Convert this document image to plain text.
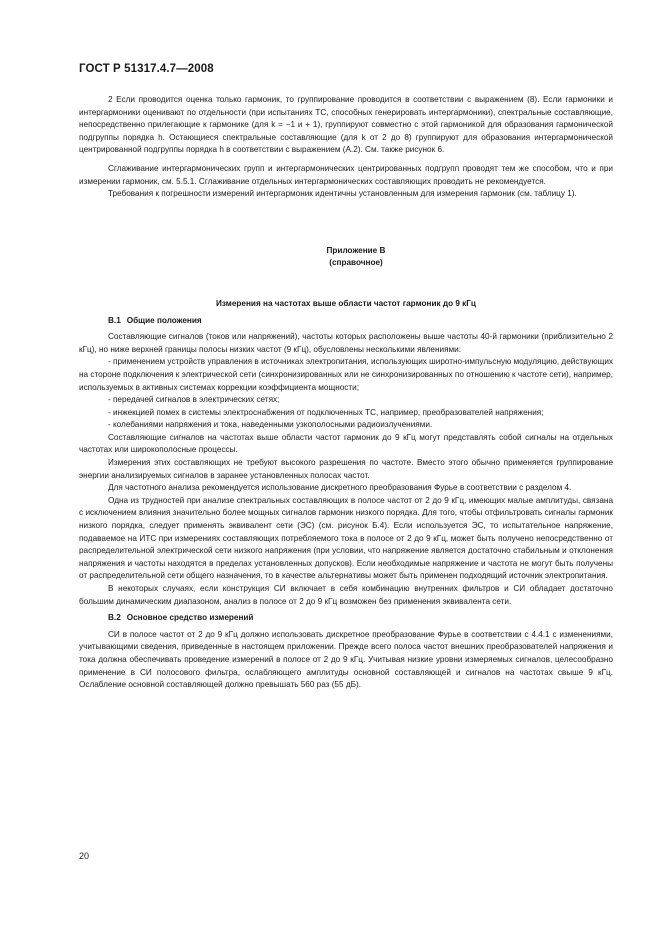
ГОСТ Р 51317.4.7—2008

2 Если проводится оценка только гармоник, то группирование проводится в соответствии с выражением (8). Если гармоники и интергармоники оценивают по отдельности (при испытаниях ТС, способных генерировать интергармоники), спектральные составляющие, непосредственно прилегающие к гармонике (для k = −1 и + 1), группируют совместно с этой гармоникой для образования гармонической подгруппы порядка h. Остающиеся спектральные составляющие (для k от 2 до 8) группируют для образования интергармонической центрированной подгруппы порядка h в соответствии с выражением (А.2). См. также рисунок 6.

Сглаживание интергармонических групп и интергармонических центрированных подгрупп проводят тем же способом, что и при измерении гармоник, см. 5.5.1. Сглаживание отдельных интергармонических составляющих проводить не рекомендуется.

Требования к погрешности измерений интергармоник идентичны установленным для измерения гармоник (см. таблицу 1).

Приложение В
(справочное)
Измерения на частотах выше области частот гармоник до 9 кГц
В.1 Общие положения

Составляющие сигналов (токов или напряжений), частоты которых расположены выше частоты 40-й гармоники (приблизительно 2 кГц), но ниже верхней границы полосы низких частот (9 кГц), обусловлены несколькими явлениями:

- применением устройств управления в источниках электропитания, использующих широтно-импульсную модуляцию, действующих на стороне подключения к электрической сети (синхронизированных или не синхронизированных по отношению к частоте сети), например, используемых в активных системах коррекции коэффициента мощности;

- передачей сигналов в электрических сетях;

- инжекцией помех в системы электроснабжения от подключенных ТС, например, преобразователей напряжения;

- колебаниями напряжения и тока, наведенными узкополосными радиоизлучениями.

Составляющие сигналов на частотах выше области частот гармоник до 9 кГц могут представлять собой сигналы на отдельных частотах или широкополосные процессы.

Измерения этих составляющих не требуют высокого разрешения по частоте. Вместо этого обычно применяется группирование энергии анализируемых сигналов в заранее установленных полосах частот.

Для частотного анализа рекомендуется использование дискретного преобразования Фурье в соответствии с разделом 4.

Одна из трудностей при анализе спектральных составляющих в полосе частот от 2 до 9 кГц, имеющих малые амплитуды, связана с исключением влияния значительно более мощных сигналов гармоник низкого порядка. Для того, чтобы отфильтровать сигналы гармоник низкого порядка, следует применять эквивалент сети (ЭС) (см. рисунок Б.4). Если используется ЭС, то испытательное напряжение, подаваемое на ИТС при измерениях составляющих потребляемого тока в полосе от 2 до 9 кГц, может быть получено непосредственно от распределительной электрической сети низкого напряжения (при условии, что напряжение является достаточно стабильным и отклонения напряжения и частоты находятся в пределах установленных допусков). Если необходимые напряжение и частота не могут быть получены от распределительной сети общего назначения, то в качестве альтернативы может быть применен подходящий источник электропитания.

В некоторых случаях, если конструкция СИ включает в себя комбинацию внутренних фильтров и СИ обладает достаточно большим динамическим диапазоном, анализ в полосе от 2 до 9 кГц возможен без применения эквивалента сети.

В.2 Основное средство измерений

СИ в полосе частот от 2 до 9 кГц должно использовать дискретное преобразование Фурье в соответствии с 4.4.1 с изменениями, учитывающими сведения, приведенные в настоящем приложении. Прежде всего полоса частот внешних преобразователей напряжения и тока должна обеспечивать проведение измерений в полосе от 2 до 9 кГц. Учитывая низкие уровни измеряемых сигналов, целесообразно применение в СИ полосового фильтра, ослабляющего амплитуды основной составляющей и сигналов на частотах свыше 9 кГц. Ослабление основной составляющей должно превышать 560 раз (55 дБ).

20
